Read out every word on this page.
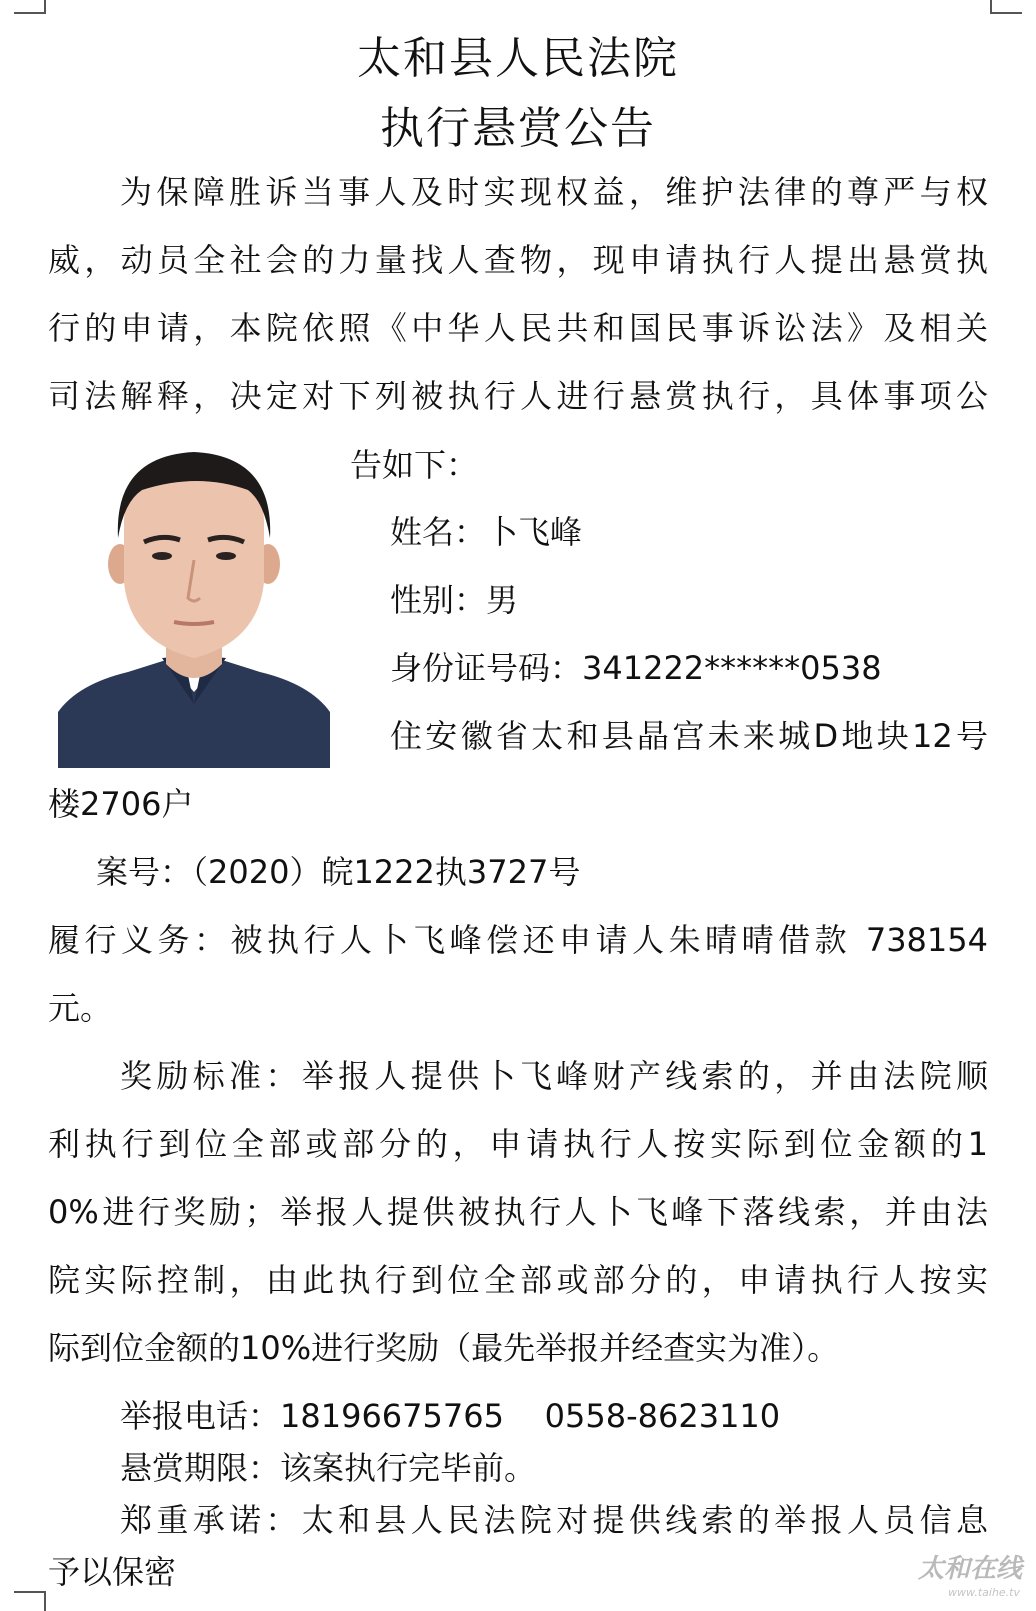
太和县人民法院
执行悬赏公告
为保障胜诉当事人及时实现权益，维护法律的尊严与权
威，动员全社会的力量找人查物，现申请执行人提出悬赏执
行的申请，本院依照《中华人民共和国民事诉讼法》及相关
司法解释，决定对下列被执行人进行悬赏执行，具体事项公
告如下：
姓名：卜飞峰
性别：男
身份证号码：341222******0538
住安徽省太和县晶宫未来城D地块12号
楼2706户
案号：（2020）皖1222执3727号
履行义务：被执行人卜飞峰偿还申请人朱晴晴借款 738154
元。
奖励标准：举报人提供卜飞峰财产线索的，并由法院顺
利执行到位全部或部分的，申请执行人按实际到位金额的1
0%进行奖励；举报人提供被执行人卜飞峰下落线索，并由法
院实际控制，由此执行到位全部或部分的，申请执行人按实
际到位金额的10%进行奖励（最先举报并经查实为准）。
举报电话：18196675765    0558-8623110
悬赏期限：该案执行完毕前。
郑重承诺：太和县人民法院对提供线索的举报人员信息
予以保密	太和在线
www.taihe.tv
